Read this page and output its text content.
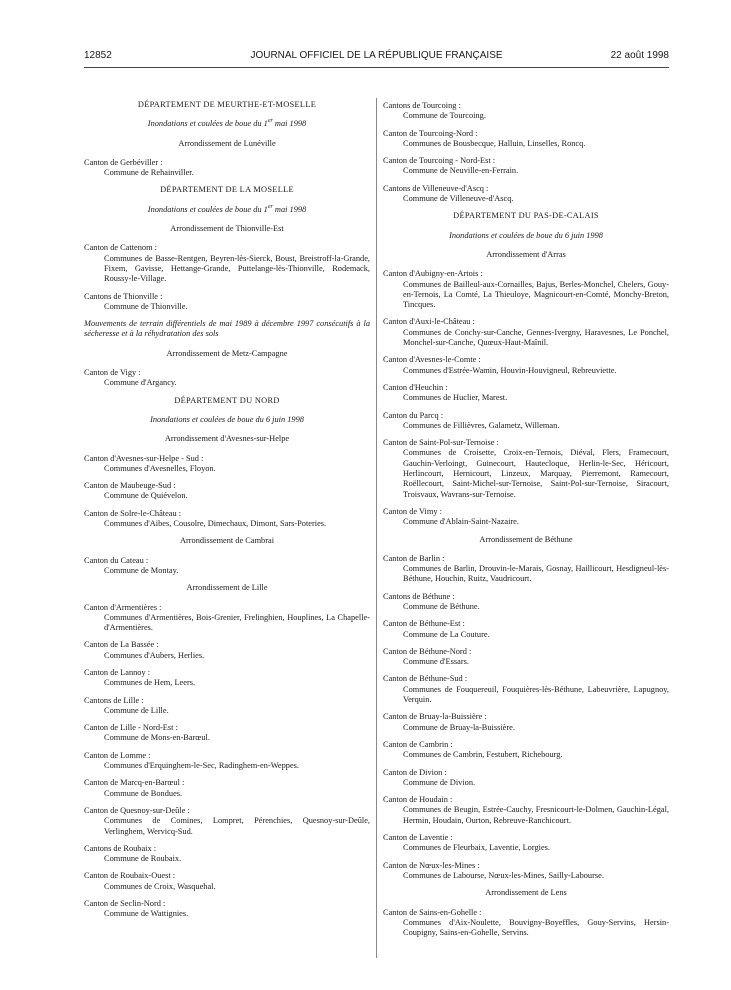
12852	JOURNAL OFFICIEL DE LA RÉPUBLIQUE FRANÇAISE	22 août 1998

DÉPARTEMENT DE MEURTHE-ET-MOSELLE

Inondations et coulées de boue du 1er mai 1998

Arrondissement de Lunéville

Canton de Gerbéviller :

Commune de Rehainviller.

DÉPARTEMENT DE LA MOSELLE

Inondations et coulées de boue du 1er mai 1998

Arrondissement de Thionville-Est

Canton de Cattenom :

Communes de Basse-Rentgen, Beyren-lès-Sierck, Boust, Breistroff-la-Grande, Fixem, Gavisse, Hettange-Grande, Puttelange-lès-Thionville, Rodemack, Roussy-le-Village.

Cantons de Thionville :

Commune de Thionville.

Mouvements de terrain différentiels de mai 1989 à décembre 1997 consécutifs à la sécheresse et à la réhydratation des sols

Arrondissement de Metz-Campagne

Canton de Vigy :

Commune d'Argancy.

DÉPARTEMENT DU NORD

Inondations et coulées de boue du 6 juin 1998

Arrondissement d'Avesnes-sur-Helpe

Canton d'Avesnes-sur-Helpe - Sud :

Communes d'Avesnelles, Floyon.

Canton de Maubeuge-Sud :

Commune de Quiévelon.

Canton de Solre-le-Château :

Communes d'Aibes, Cousolre, Dimechaux, Dimont, Sars-Poteries.

Arrondissement de Cambrai

Canton du Cateau :

Commune de Montay.

Arrondissement de Lille

Canton d'Armentières :

Communes d'Armentières, Bois-Grenier, Frelinghien, Houplines, La Chapelle-d'Armentières.

Canton de La Bassée :

Communes d'Aubers, Herlies.

Canton de Lannoy :

Communes de Hem, Leers.

Cantons de Lille :

Commune de Lille.

Canton de Lille - Nord-Est :

Commune de Mons-en-Barœul.

Canton de Lomme :

Communes d'Erquinghem-le-Sec, Radinghem-en-Weppes.

Canton de Marcq-en-Barœul :

Commune de Bondues.

Canton de Quesnoy-sur-Deûle :

Communes de Comines, Lompret, Pérenchies, Quesnoy-sur-Deûle, Verlinghem, Wervicq-Sud.

Cantons de Roubaix :

Commune de Roubaix.

Canton de Roubaix-Ouest :

Communes de Croix, Wasquehal.

Canton de Seclin-Nord :

Commune de Wattignies.

Cantons de Tourcoing :

Commune de Tourcoing.

Canton de Tourcoing-Nord :

Communes de Bousbecque, Halluin, Linselles, Roncq.

Canton de Tourcoing - Nord-Est :

Commune de Neuville-en-Ferrain.

Cantons de Villeneuve-d'Ascq :

Commune de Villeneuve-d'Ascq.

DÉPARTEMENT DU PAS-DE-CALAIS

Inondations et coulées de boue du 6 juin 1998

Arrondissement d'Arras

Canton d'Aubigny-en-Artois :

Communes de Bailleul-aux-Cornailles, Bajus, Berles-Monchel, Chelers, Gouy-en-Ternois, La Comté, La Thieuloye, Magnicourt-en-Comté, Monchy-Breton, Tincques.

Canton d'Auxi-le-Château :

Communes de Conchy-sur-Canche, Gennes-Ivergny, Haravesnes, Le Ponchel, Monchel-sur-Canche, Quœux-Haut-Maînil.

Canton d'Avesnes-le-Comte :

Communes d'Estrée-Wamin, Houvin-Houvigneul, Rebreuviette.

Canton d'Heuchin :

Communes de Huclier, Marest.

Canton du Parcq :

Communes de Fillièvres, Galametz, Willeman.

Canton de Saint-Pol-sur-Ternoise :

Communes de Croisette, Croix-en-Ternois, Diéval, Flers, Framecourt, Gauchin-Verloingt, Guinecourt, Hautecloque, Herlin-le-Sec, Héricourt, Herlincourt, Hernicourt, Linzeux, Marquay, Pierremont, Ramecourt, Roëllecourt, Saint-Michel-sur-Ternoise, Saint-Pol-sur-Ternoise, Siracourt, Troisvaux, Wavrans-sur-Ternoise.

Canton de Vimy :

Commune d'Ablain-Saint-Nazaire.

Arrondissement de Béthune

Canton de Barlin :

Communes de Barlin, Drouvin-le-Marais, Gosnay, Haillicourt, Hesdigneul-lès-Béthune, Houchin, Ruitz, Vaudricourt.

Cantons de Béthune :

Commune de Béthune.

Canton de Béthune-Est :

Commune de La Couture.

Canton de Béthune-Nord :

Commune d'Essars.

Canton de Béthune-Sud :

Communes de Fouquereuil, Fouquières-lès-Béthune, Labeuvrière, Lapugnoy, Verquin.

Canton de Bruay-la-Buissière :

Commune de Bruay-la-Buissière.

Canton de Cambrin :

Communes de Cambrin, Festubert, Richebourg.

Canton de Divion :

Commune de Divion.

Canton de Houdain :

Communes de Beugin, Estrée-Cauchy, Fresnicourt-le-Dolmen, Gauchin-Légal, Hermin, Houdain, Ourton, Rebreuve-Ranchicourt.

Canton de Laventie :

Communes de Fleurbaix, Laventie, Lorgies.

Canton de Nœux-les-Mines :

Communes de Labourse, Nœux-les-Mines, Sailly-Labourse.

Arrondissement de Lens

Canton de Sains-en-Gohelle :

Communes d'Aix-Noulette, Bouvigny-Boyeffles, Gouy-Servins, Hersin-Coupigny, Sains-en-Gohelle, Servins.
